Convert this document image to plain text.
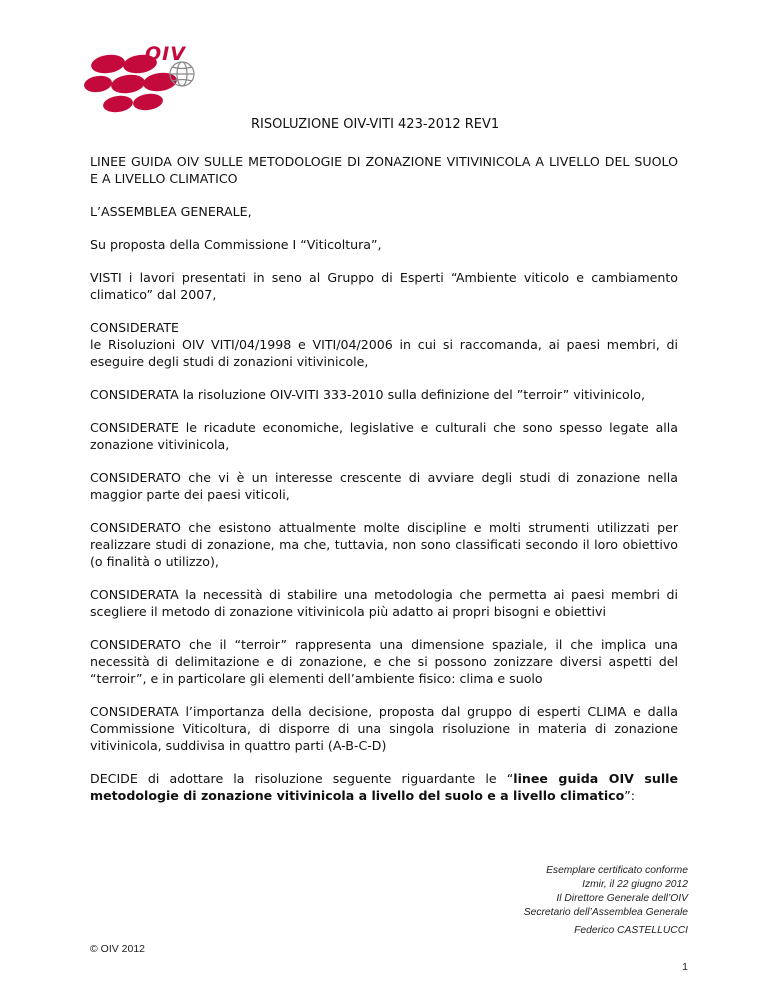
OIV
RISOLUZIONE OIV-VITI 423-2012 REV1

LINEE GUIDA OIV SULLE METODOLOGIE DI ZONAZIONE VITIVINICOLA A LIVELLO DEL SUOLO E A LIVELLO CLIMATICO

L’ASSEMBLEA GENERALE,

Su proposta della Commissione I “Viticoltura”,

VISTI i lavori presentati in seno al Gruppo di Esperti “Ambiente viticolo e cambiamento climatico” dal 2007,

CONSIDERATE
le Risoluzioni OIV VITI/04/1998 e VITI/04/2006 in cui si raccomanda, ai paesi membri, di eseguire degli studi di zonazioni vitivinicole,

CONSIDERATA la risoluzione OIV-VITI 333-2010 sulla definizione del ”terroir” vitivinicolo,

CONSIDERATE le ricadute economiche, legislative e culturali che sono spesso legate alla zonazione vitivinicola,

CONSIDERATO che vi è un interesse crescente di avviare degli studi di zonazione nella maggior parte dei paesi viticoli,

CONSIDERATO che esistono attualmente molte discipline e molti strumenti utilizzati per realizzare studi di zonazione, ma che, tuttavia, non sono classificati secondo il loro obiettivo (o finalità o utilizzo),

CONSIDERATA la necessità di stabilire una metodologia che permetta ai paesi membri di scegliere il metodo di zonazione vitivinicola più adatto ai propri bisogni e obiettivi

CONSIDERATO che il “terroir” rappresenta una dimensione spaziale, il che implica una necessità di delimitazione e di zonazione, e che si possono zonizzare diversi aspetti del “terroir”, e in particolare gli elementi dell’ambiente fisico: clima e suolo

CONSIDERATA l’importanza della decisione, proposta dal gruppo di esperti CLIMA e dalla Commissione Viticoltura, di disporre di una singola risoluzione in materia di zonazione vitivinicola, suddivisa in quattro parti (A-B-C-D)

DECIDE di adottare la risoluzione seguente riguardante le “linee guida OIV sulle metodologie di zonazione vitivinicola a livello del suolo e a livello climatico”:

Esemplare certificato conforme
Izmir, il 22 giugno 2012
Il Direttore Generale dell’OIV
Secretario dell’Assemblea Generale
Federico CASTELLUCCI
© OIV 2012
1
